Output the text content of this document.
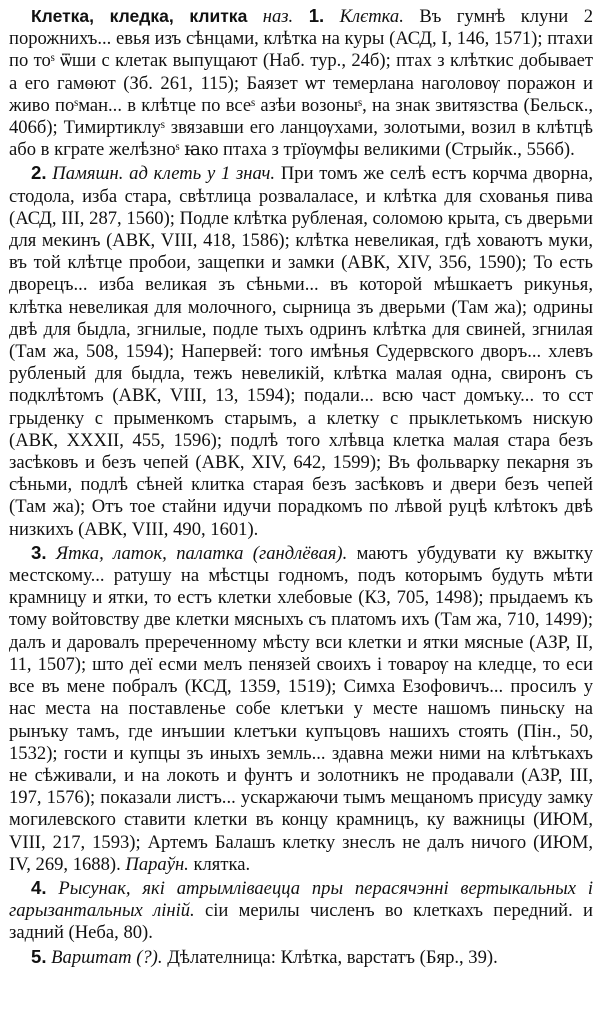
Клетка, кледка, клитка наз. 1. Клєтка. Въ гумнѣ клуни 2 порожнихъ... евья изъ сѣнцами, клѣтка на куры (АСД, I, 146, 1571); птахи по тоˢ ѿши с клетак выпущают (Наб. тур., 24б); птах з клѣткис добывает а его гамѳют (Зб. 261, 115); Баязет ѡт темерлана наголовѹ поражон и живо поˢман... в клѣтце по всеˢ азѣи возоныˢ, на знак звитязства (Бельск., 406б); Тимиртиклуˢ звязавши его ланцѹхами, золотыми, возил в клѣтцѣ або в кграте желѣзноˢ ꙗко птаха з трїѹмфы великими (Стрыйк., 556б).

2. Памяшн. ад клеть у 1 знач. При томъ же селѣ естъ корчма дворна, стодола, изба стара, свѣтлица розвалаласе, и клѣтка для схованья пива (АСД, III, 287, 1560); Подле клѣтка рубленая, соломою крыта, съ дверьми для мекинъ (АВК, VIII, 418, 1586); клѣтка невеликая, гдѣ ховаютъ муки, въ той клѣтце пробои, защепки и замки (АВК, XIV, 356, 1590); То есть дворецъ... изба великая зъ сѣньми... въ которой мѣшкаетъ рикунья, клѣтка невеликая для молочного, сырница зъ дверьми (Там жа); одрины двѣ для быдла, згнилые, подле тыхъ одринъ клѣтка для свиней, згнилая (Там жа, 508, 1594); Напервей: того имѣнья Судервского дворъ... хлевъ рубленый для быдла, тежъ невеликій, клѣтка малая одна, свиронъ съ подклѣтомъ (АВК, VIII, 13, 1594); подали... всю част домъку... то сст грыденку с прыменкомъ старымъ, а клетку с прыклетькомъ нискую (АВК, XXXII, 455, 1596); подлѣ того хлѣвца клетка малая стара безъ засѣковъ и безъ чепей (АВК, XIV, 642, 1599); Въ фольварку пекарня зъ сѣньми, подлѣ сѣней клитка старая безъ засѣковъ и двери безъ чепей (Там жа); Отъ тое стайни идучи порадкомъ по лѣвой руцѣ клѣтокъ двѣ низкихъ (АВК, VIII, 490, 1601).

3. Ятка, латок, палатка (гандлёвая). маютъ убудувати ку вжытку местскому... ратушу на мѣстцы годномъ, подъ которымъ будуть мѣти крамницу и ятки, то естъ клетки хлебовые (КЗ, 705, 1498); прыдаемъ къ тому войтовству две клетки мясныхъ съ платомъ ихъ (Там жа, 710, 1499); далъ и даровалъ пререченному мѣсту вси клетки и ятки мясные (АЗР, II, 11, 1507); што деї есми мелъ пенязей своихъ і товарѹ на кледце, то еси все въ мене побралъ (КСД, 1359, 1519); Симха Езофовичъ... просилъ у нас места на поставленье собе клетъки у месте нашомъ пиньску на рынъку тамъ, где инъшии клетъки купъцовъ нашихъ стоять (Пін., 50, 1532); гости и купцы зъ иныхъ земль... здавна межи ними на клѣтъкахъ не сѣживали, и на локоть и фунтъ и золотникъ не продавали (АЗР, III, 197, 1576); показали листъ... ускаржаючи тымъ мещаномъ присуду замку могилевского ставити клетки въ концу крамницъ, ку важницы (ИЮМ, VIII, 217, 1593); Артемъ Балашъ клетку знеслъ не далъ ничого (ИЮМ, IV, 269, 1688). Параўн. клятка.

4. Рысунак, які атрымліваецца пры перасячэнні вертыкальных і гарызантальных ліній. сіи мерилы численъ во клеткахъ передний. и задний (Неба, 80).

5. Варштат (?). Дѣлателница: Клѣтка, варстатъ (Бяр., 39).
